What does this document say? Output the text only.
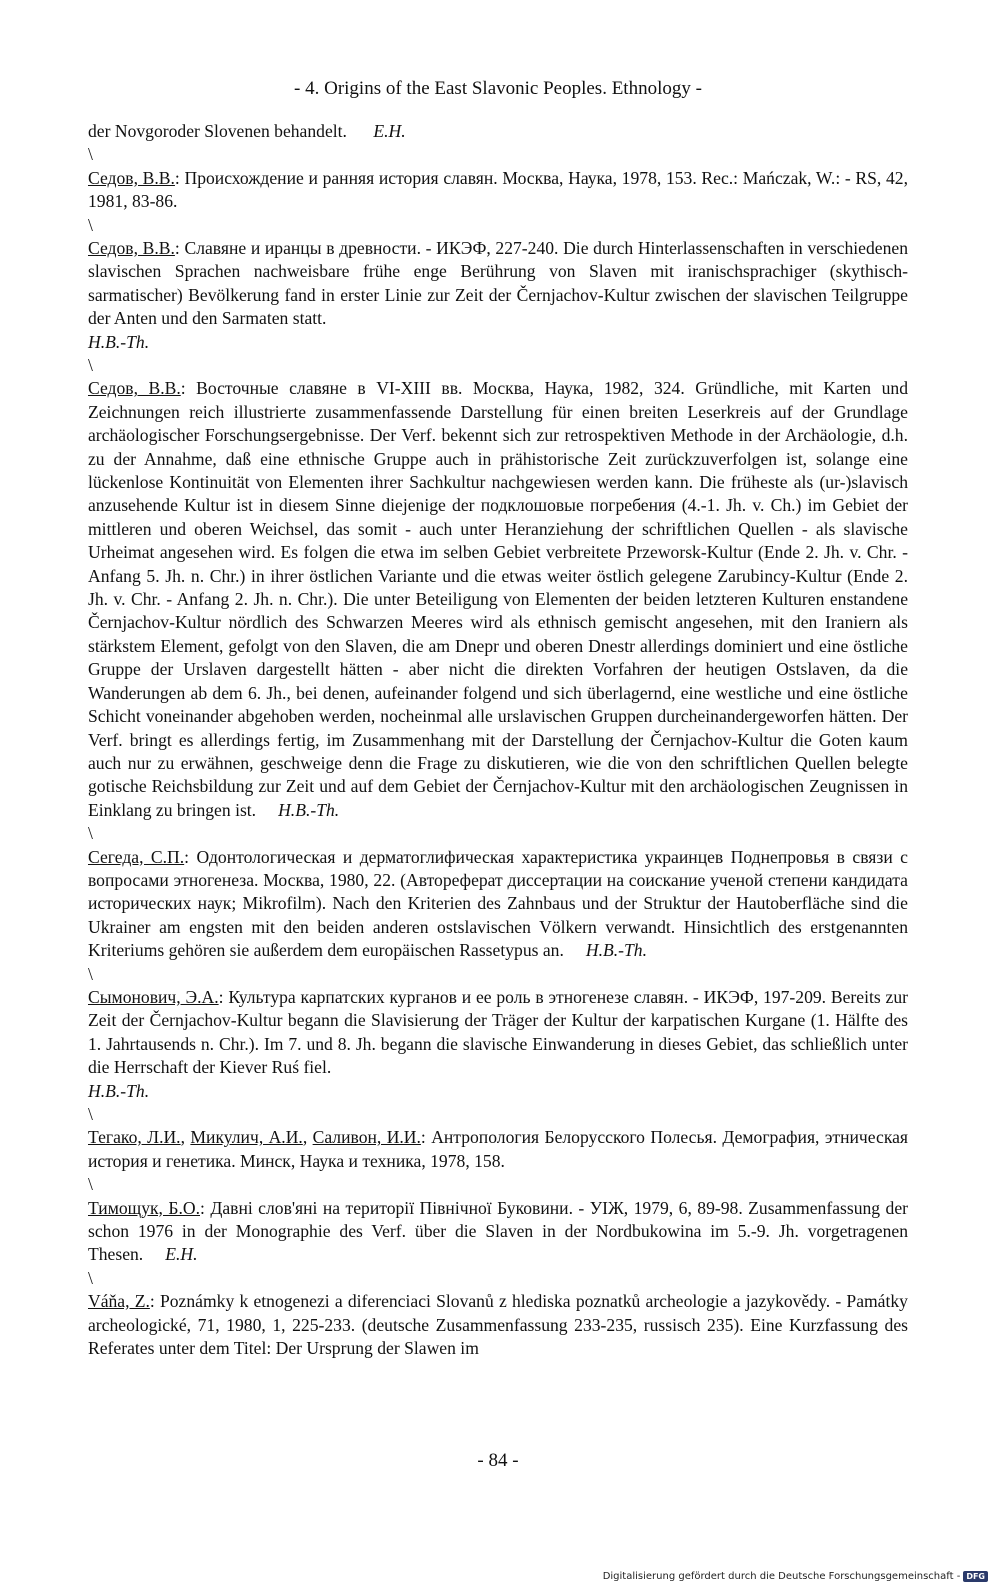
- 4. Origins of the East Slavonic Peoples. Ethnology -

der Novgoroder Slovenen behandelt. E.H.

\

Седов, В.В.: Происхождение и ранняя история славян. Москва, Наука, 1978, 153. Rec.: Mańczak, W.: - RS, 42, 1981, 83-86.

\

Седов, В.В.: Славяне и иранцы в древности. - ИКЭФ, 227-240. Die durch Hinterlassenschaften in verschiedenen slavischen Sprachen nachweisbare frühe enge Berührung von Slaven mit iranischsprachiger (skythisch-sarmatischer) Bevölkerung fand in erster Linie zur Zeit der Černjachov-Kultur zwischen der slavischen Teilgruppe der Anten und den Sarmaten statt.
H.B.-Th.

\

Седов, В.В.: Восточные славяне в VI-XIII вв. Москва, Наука, 1982, 324. Gründliche, mit Karten und Zeichnungen reich illustrierte zusammenfassende Darstellung für einen breiten Leserkreis auf der Grundlage archäologischer Forschungsergebnisse. Der Verf. bekennt sich zur retrospektiven Methode in der Archäologie, d.h. zu der Annahme, daß eine ethnische Gruppe auch in prähistorische Zeit zurückzuverfolgen ist, solange eine lückenlose Kontinuität von Elementen ihrer Sachkultur nachgewiesen werden kann. Die früheste als (ur-)slavisch anzusehende Kultur ist in diesem Sinne diejenige der подклошовые погребения (4.-1. Jh. v. Ch.) im Gebiet der mittleren und oberen Weichsel, das somit - auch unter Heranziehung der schriftlichen Quellen - als slavische Urheimat angesehen wird. Es folgen die etwa im selben Gebiet verbreitete Przeworsk-Kultur (Ende 2. Jh. v. Chr. - Anfang 5. Jh. n. Chr.) in ihrer östlichen Variante und die etwas weiter östlich gelegene Zarubincy-Kultur (Ende 2. Jh. v. Chr. - Anfang 2. Jh. n. Chr.). Die unter Beteiligung von Elementen der beiden letzteren Kulturen enstandene Černjachov-Kultur nördlich des Schwarzen Meeres wird als ethnisch gemischt angesehen, mit den Iraniern als stärkstem Element, gefolgt von den Slaven, die am Dnepr und oberen Dnestr allerdings dominiert und eine östliche Gruppe der Urslaven dargestellt hätten - aber nicht die direkten Vorfahren der heutigen Ostslaven, da die Wanderungen ab dem 6. Jh., bei denen, aufeinander folgend und sich überlagernd, eine westliche und eine östliche Schicht voneinander abgehoben werden, nocheinmal alle urslavischen Gruppen durcheinandergeworfen hätten. Der Verf. bringt es allerdings fertig, im Zusammenhang mit der Darstellung der Černjachov-Kultur die Goten kaum auch nur zu erwähnen, geschweige denn die Frage zu diskutieren, wie die von den schriftlichen Quellen belegte gotische Reichsbildung zur Zeit und auf dem Gebiet der Černjachov-Kultur mit den archäologischen Zeugnissen in Einklang zu bringen ist. H.B.-Th.

\

Сегеда, С.П.: Одонтологическая и дерматоглифическая характеристика украинцев Поднепровья в связи с вопросами этногенеза. Москва, 1980, 22. (Автореферат диссертации на соискание ученой степени кандидата исторических наук; Mikrofilm). Nach den Kriterien des Zahnbaus und der Struktur der Hautoberfläche sind die Ukrainer am engsten mit den beiden anderen ostslavischen Völkern verwandt. Hinsichtlich des erstgenannten Kriteriums gehören sie außerdem dem europäischen Rassetypus an. H.B.-Th.

\

Сымонович, Э.А.: Культура карпатских курганов и ее роль в этногенезе славян. - ИКЭФ, 197-209. Bereits zur Zeit der Černjachov-Kultur begann die Slavisierung der Träger der Kultur der karpatischen Kurgane (1. Hälfte des 1. Jahrtausends n. Chr.). Im 7. und 8. Jh. begann die slavische Einwanderung in dieses Gebiet, das schließlich unter die Herrschaft der Kiever Ruś fiel.
H.B.-Th.

\

Тегако, Л.И., Микулич, А.И., Саливон, И.И.: Антропология Белорусского Полесья. Демография, этническая история и генетика. Минск, Наука и техника, 1978, 158.

\

Тимощук, Б.О.: Давні слов'яні на території Північної Буковини. - УІЖ, 1979, 6, 89-98. Zusammenfassung der schon 1976 in der Monographie des Verf. über die Slaven in der Nordbukowina im 5.-9. Jh. vorgetragenen Thesen. E.H.

\

Váňa, Z.: Poznámky k etnogenezi a diferenciaci Slovanů z hlediska poznatků archeologie a jazykovědy. - Památky archeologické, 71, 1980, 1, 225-233. (deutsche Zusammenfassung 233-235, russisch 235). Eine Kurzfassung des Referates unter dem Titel: Der Ursprung der Slawen im

- 84 -
Digitalisierung gefördert durch die Deutsche Forschungsgemeinschaft - DFG
